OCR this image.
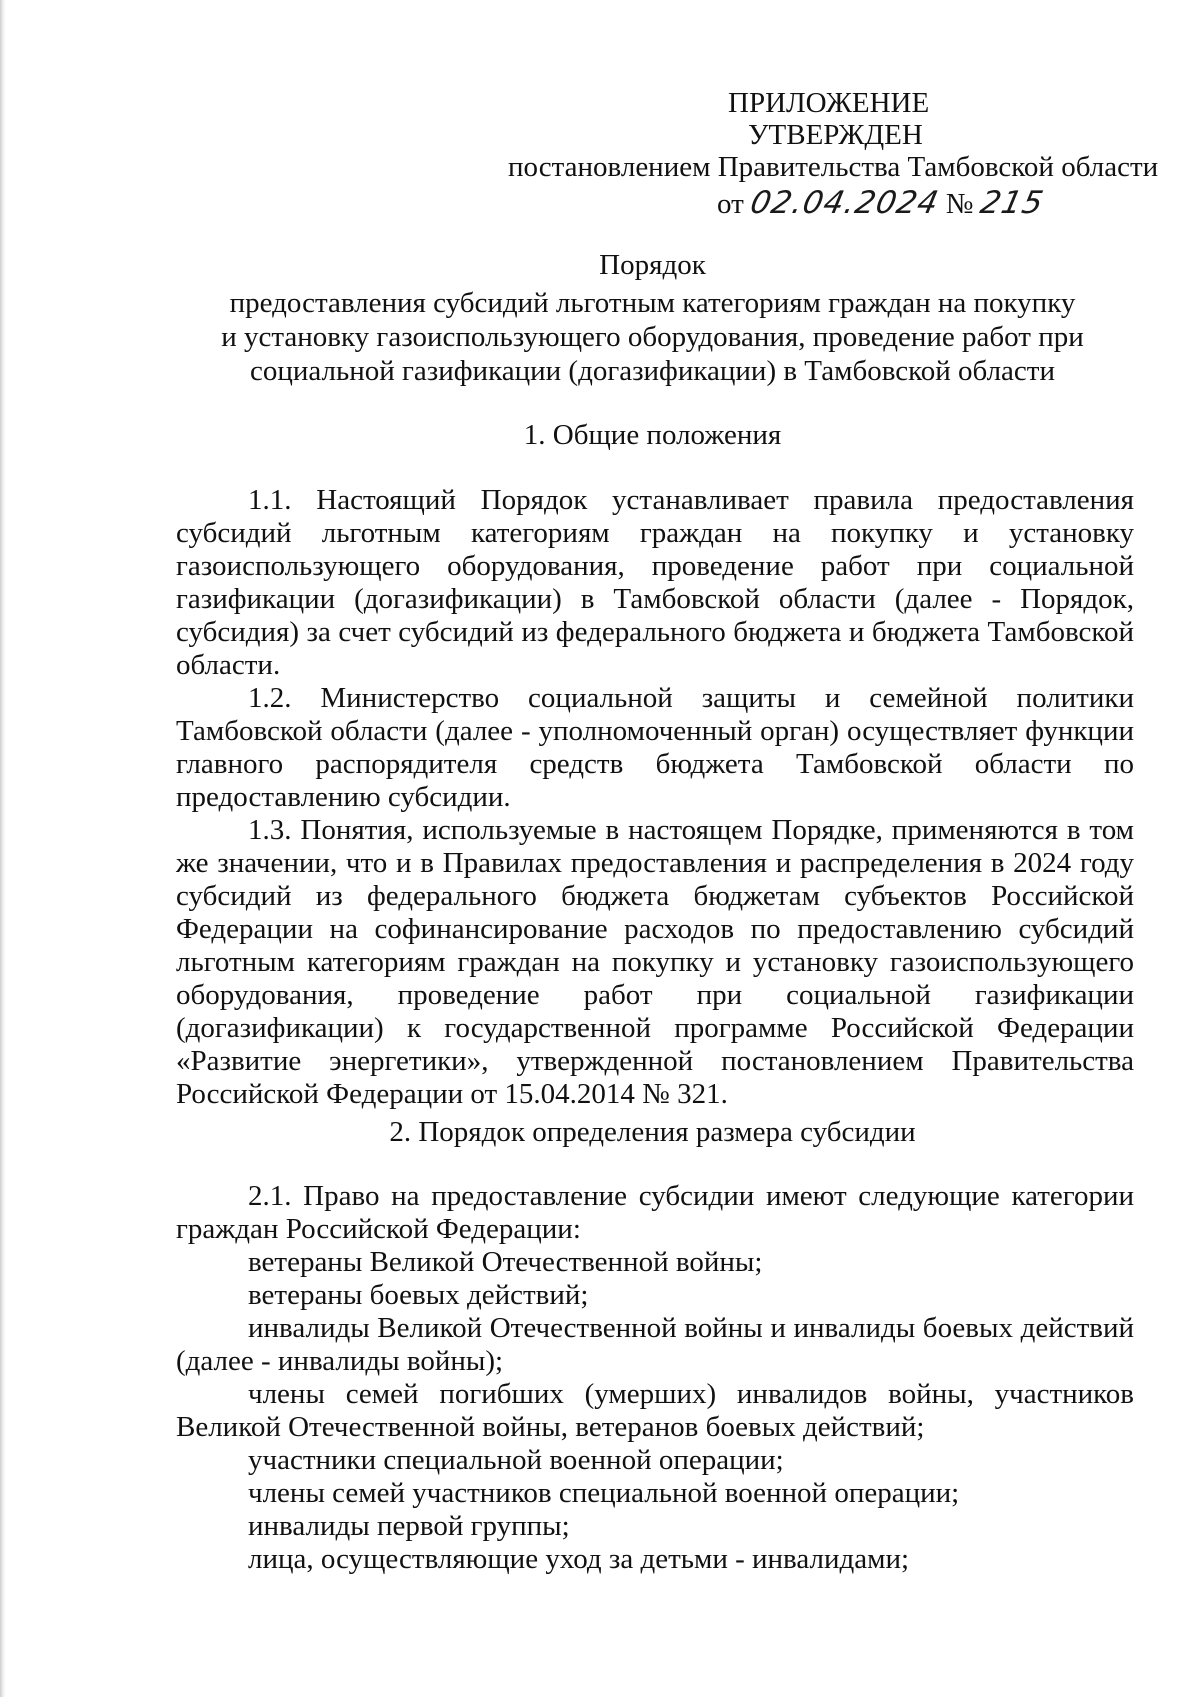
ПРИЛОЖЕНИЕ
УТВЕРЖДЕН
постановлением Правительства Тамбовской области
от 02.04.2024 № 215

Порядок

предоставления субсидий льготным категориям граждан на покупку

и установку газоиспользующего оборудования, проведение работ при

социальной газификации (догазификации) в Тамбовской области

1. Общие положения

1.1. Настоящий Порядок устанавливает правила предоставления субсидий льготным категориям граждан на покупку и установку газоиспользующего оборудования, проведение работ при социальной газификации (догазификации) в Тамбовской области (далее - Порядок, субсидия) за счет субсидий из федерального бюджета и бюджета Тамбовской области.

1.2. Министерство социальной защиты и семейной политики Тамбовской области (далее - уполномоченный орган) осуществляет функции главного распорядителя средств бюджета Тамбовской области по предоставлению субсидии.

1.3. Понятия, используемые в настоящем Порядке, применяются в том же значении, что и в Правилах предоставления и распределения в 2024 году субсидий из федерального бюджета бюджетам субъектов Российской Федерации на софинансирование расходов по предоставлению субсидий льготным категориям граждан на покупку и установку газоиспользующего оборудования, проведение работ при социальной газификации (догазификации) к государственной программе Российской Федерации «Развитие энергетики», утвержденной постановлением Правительства Российской Федерации от 15.04.2014 № 321.

2. Порядок определения размера субсидии

2.1. Право на предоставление субсидии имеют следующие категории граждан Российской Федерации:

ветераны Великой Отечественной войны;

ветераны боевых действий;

инвалиды Великой Отечественной войны и инвалиды боевых действий (далее - инвалиды войны);

члены семей погибших (умерших) инвалидов войны, участников Великой Отечественной войны, ветеранов боевых действий;

участники специальной военной операции;

члены семей участников специальной военной операции;

инвалиды первой группы;

лица, осуществляющие уход за детьми - инвалидами;
